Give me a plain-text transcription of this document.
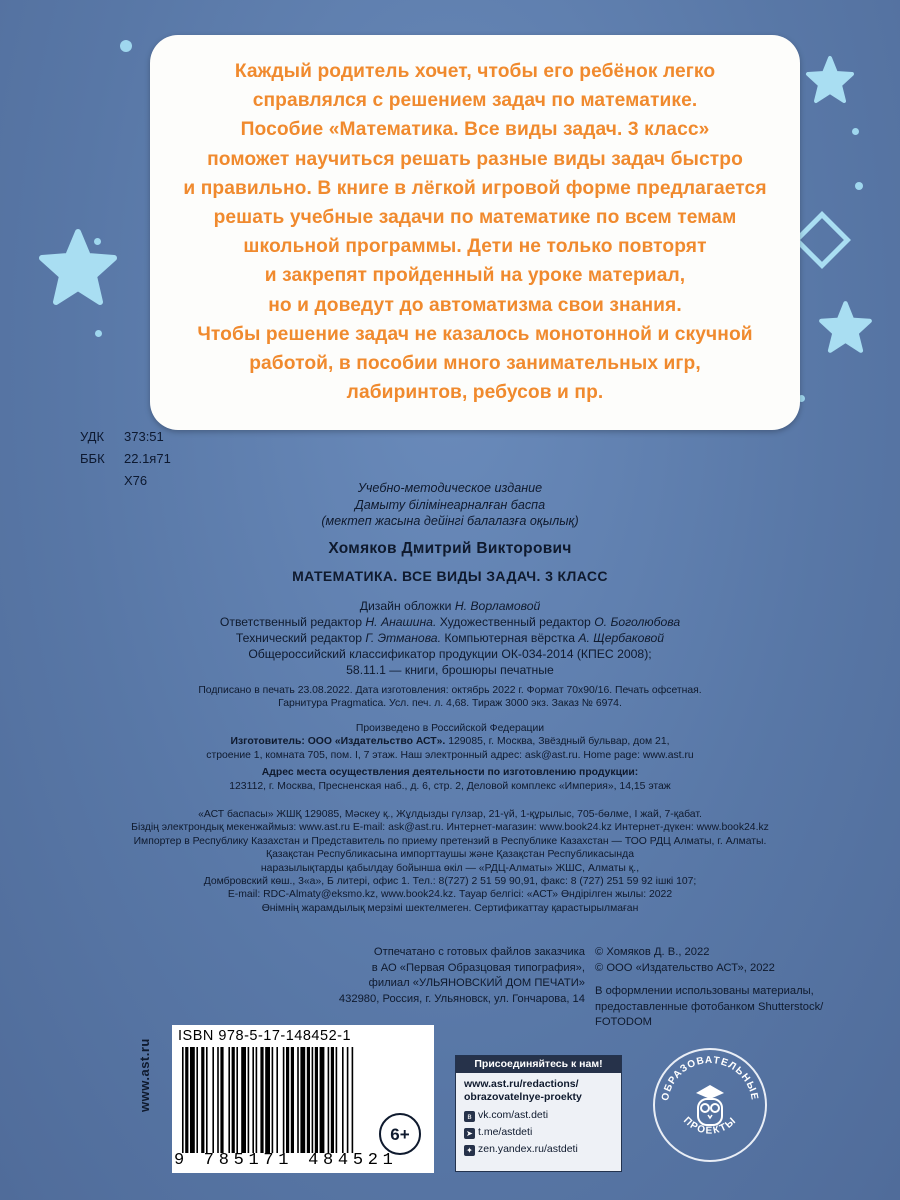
Каждый родитель хочет, чтобы его ребёнок легко
справлялся с решением задач по математике.
Пособие «Математика. Все виды задач. 3 класс»
поможет научиться решать разные виды задач быстро
и правильно. В книге в лёгкой игровой форме предлагается
решать учебные задачи по математике по всем темам
школьной программы. Дети не только повторят
и закрепят пройденный на уроке материал,
но и доведут до автоматизма свои знания.
Чтобы решение задач не казалось монотонной и скучной
работой, в пособии много занимательных игр,
лабиринтов, ребусов и пр.

УДК 373:51
ББК 22.1я71
Х76	Учебно-методическое издание
Дамыту білімінеарналған баспа
(мектеп жасына дейінгі балалазға оқылық)
Хомяков Дмитрий Викторович
МАТЕМАТИКА. ВСЕ ВИДЫ ЗАДАЧ. 3 КЛАСС
Дизайн обложки Н. Ворламовой
Ответственный редактор Н. Анашина. Художественный редактор О. Боголюбова
Технический редактор Г. Этманова. Компьютерная вёрстка А. Щербаковой
Общероссийский классификатор продукции ОК-034-2014 (КПЕС 2008);
58.11.1 — книги, брошюры печатные
Подписано в печать 23.08.2022. Дата изготовления: октябрь 2022 г. Формат 70х90/16. Печать офсетная.
Гарнитура Pragmatica. Усл. печ. л. 4,68. Тираж 3000 экз. Заказ № 6974.
Произведено в Российской Федерации
Изготовитель: ООО «Издательство АСТ». 129085, г. Москва, Звёздный бульвар, дом 21,
строение 1, комната 705, пом. I, 7 этаж. Наш электронный адрес: ask@ast.ru. Home page: www.ast.ru
Адрес места осуществления деятельности по изготовлению продукции:
123112, г. Москва, Пресненская наб., д. 6, стр. 2, Деловой комплекс «Империя», 14,15 этаж
«АСТ баспасы» ЖШҚ 129085, Мәскеу қ., Жұлдызды гүлзар, 21-үй, 1-құрылыс, 705-бөлме, I жай, 7-қабат.
Біздің электрондық мекенжаймыз: www.ast.ru E-mail: ask@ast.ru. Интернет-магазин: www.book24.kz Интернет-дүкен: www.book24.kz
Импортер в Республику Казахстан и Представитель по приему претензий в Республике Казахстан — ТОО РДЦ Алматы, г. Алматы.
Қазақстан Республикасына импорттаушы және Қазақстан Республикасында
наразылықтарды қабылдау бойынша өкіл — «РДЦ-Алматы» ЖШС, Алматы қ.,
Домбровский көш., 3«а», Б литері, офис 1. Тел.: 8(727) 2 51 59 90,91, факс: 8 (727) 251 59 92 ішкі 107;
E-mail: RDC-Almaty@eksmo.kz, www.book24.kz. Тауар белгісі: «АСТ» Өндірілген жылы: 2022
Өнімнің жарамдылық мерзімі шектелмеген. Сертификаттау қарастырылмаған
Отпечатано с готовых файлов заказчика
в АО «Первая Образцовая типография»,
филиал «УЛЬЯНОВСКИЙ ДОМ ПЕЧАТИ»
432980, Россия, г. Ульяновск, ул. Гончарова, 14
© Хомяков Д. В., 2022
© ООО «Издательство АСТ», 2022
В оформлении использованы материалы,
предоставленные фотобанком Shutterstock/
FOTODOM
www.ast.ru
ISBN 978-5-17-148452-1
9 785171 484521
6+
Присоединяйтесь к нам!
www.ast.ru/redactions/
obrazovatelnye-proekty
в vk.com/ast.deti
➤ t.me/astdeti
✦ zen.yandex.ru/astdeti
ОБРАЗОВАТЕЛЬНЫЕ
ПРОЕКТЫ
